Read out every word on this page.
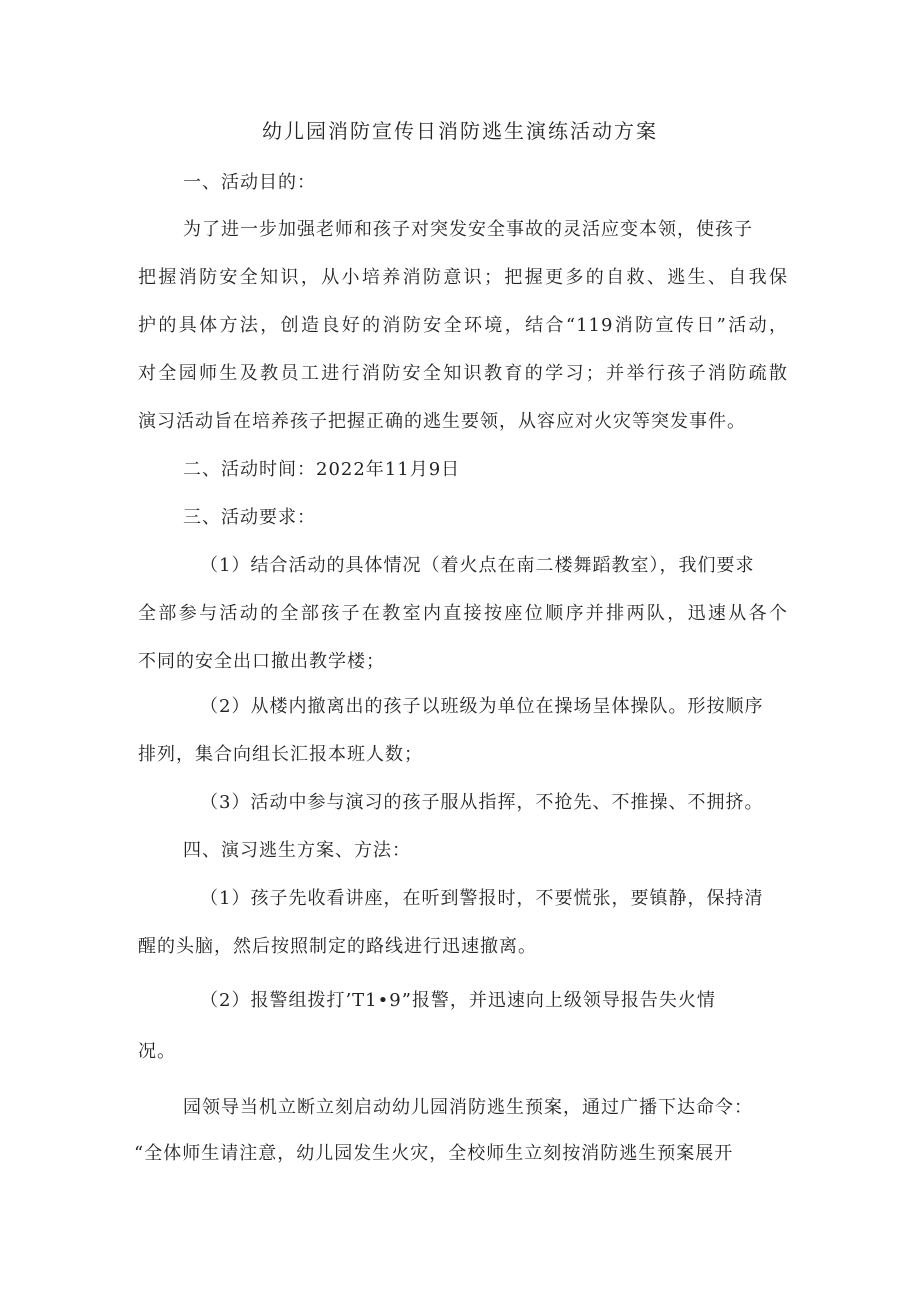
幼儿园消防宣传日消防逃生演练活动方案

一、活动目的：

为了进一步加强老师和孩子对突发安全事故的灵活应变本领，使孩子

把握消防安全知识，从小培养消防意识；把握更多的自救、逃生、自我保

护的具体方法，创造良好的消防安全环境，结合“119消防宣传日”活动，

对全园师生及教员工进行消防安全知识教育的学习；并举行孩子消防疏散

演习活动旨在培养孩子把握正确的逃生要领，从容应对火灾等突发事件。

二、活动时间：2022年11月9日

三、活动要求：

（1）结合活动的具体情况（着火点在南二楼舞蹈教室），我们要求

全部参与活动的全部孩子在教室内直接按座位顺序并排两队，迅速从各个

不同的安全出口撤出教学楼；

（2）从楼内撤离出的孩子以班级为单位在操场呈体操队。形按顺序

排列，集合向组长汇报本班人数；

（3）活动中参与演习的孩子服从指挥，不抢先、不推操、不拥挤。

四、演习逃生方案、方法：

（1）孩子先收看讲座，在听到警报时，不要慌张，要镇静，保持清

醒的头脑，然后按照制定的路线进行迅速撤离。

（2）报警组拨打’T1•9”报警，并迅速向上级领导报告失火情

况。

园领导当机立断立刻启动幼儿园消防逃生预案，通过广播下达命令：

“全体师生请注意，幼儿园发生火灾，全校师生立刻按消防逃生预案展开
